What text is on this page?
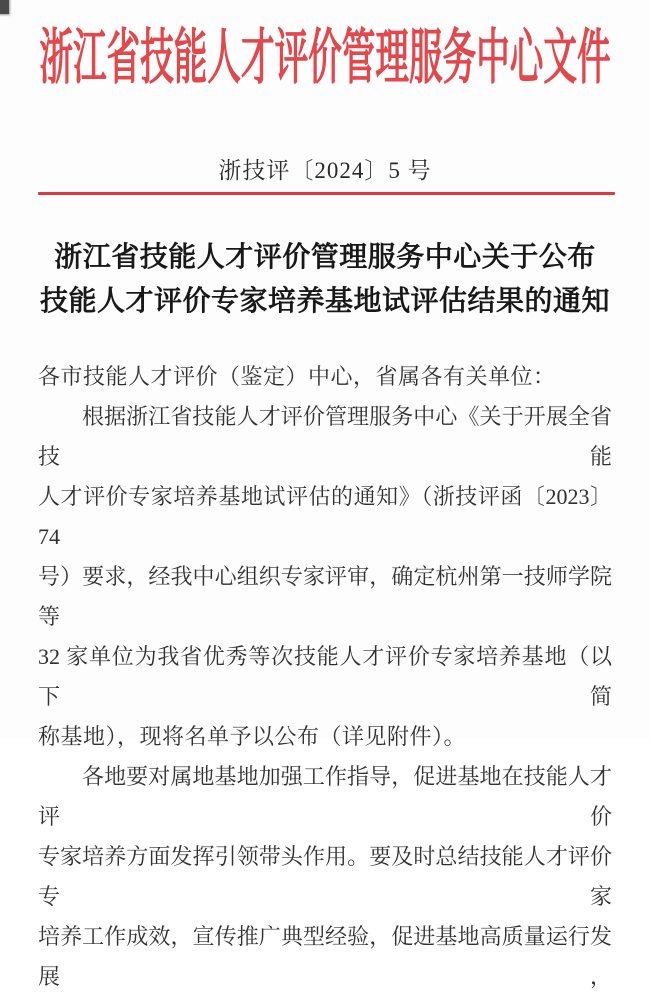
浙江省技能人才评价管理服务中心文件
浙技评〔2024〕5 号
浙江省技能人才评价管理服务中心关于公布
技能人才评价专家培养基地试评估结果的通知
各市技能人才评价（鉴定）中心，省属各有关单位：
根据浙江省技能人才评价管理服务中心《关于开展全省技能
人才评价专家培养基地试评估的通知》（浙技评函〔2023〕74
号）要求，经我中心组织专家评审，确定杭州第一技师学院等
32 家单位为我省优秀等次技能人才评价专家培养基地（以下简
称基地），现将名单予以公布（详见附件）。
各地要对属地基地加强工作指导，促进基地在技能人才评价
专家培养方面发挥引领带头作用。要及时总结技能人才评价专家
培养工作成效，宣传推广典型经验，促进基地高质量运行发展，
